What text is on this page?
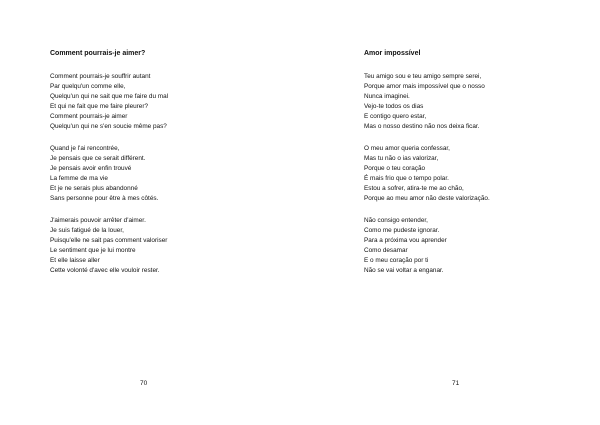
Comment pourrais-je aimer?
Comment pourrais-je souffrir autant
Par quelqu'un comme elle,
Quelqu'un qui ne sait que me faire du mal
Et qui ne fait que me faire pleurer?
Comment pourrais-je aimer
Quelqu'un qui ne s'en soucie même pas?
Quand je l'ai rencontrée,
Je pensais que ce serait différent.
Je pensais avoir enfin trouvé
La femme de ma vie
Et je ne serais plus abandonné
Sans personne pour être à mes côtés.
J'aimerais pouvoir arrêter d'aimer.
Je suis fatigué de la louer,
Puisqu'elle ne sait pas comment valoriser
Le sentiment que je lui montre
Et elle laisse aller
Cette volonté d'avec elle vouloir rester.
70
Amor impossível
Teu amigo sou e teu amigo sempre serei,
Porque amor mais impossível que o nosso
Nunca imaginei.
Vejo-te todos os dias
E contigo quero estar,
Mas o nosso destino não nos deixa ficar.
O meu amor queria confessar,
Mas tu não o ias valorizar,
Porque o teu coração
É mais frio que o tempo polar.
Estou a sofrer, atira-te me ao chão,
Porque ao meu amor não deste valorização.
Não consigo entender,
Como me pudeste ignorar.
Para a próxima vou aprender
Como desamar
E o meu coração por ti
Não se vai voltar a enganar.
71
